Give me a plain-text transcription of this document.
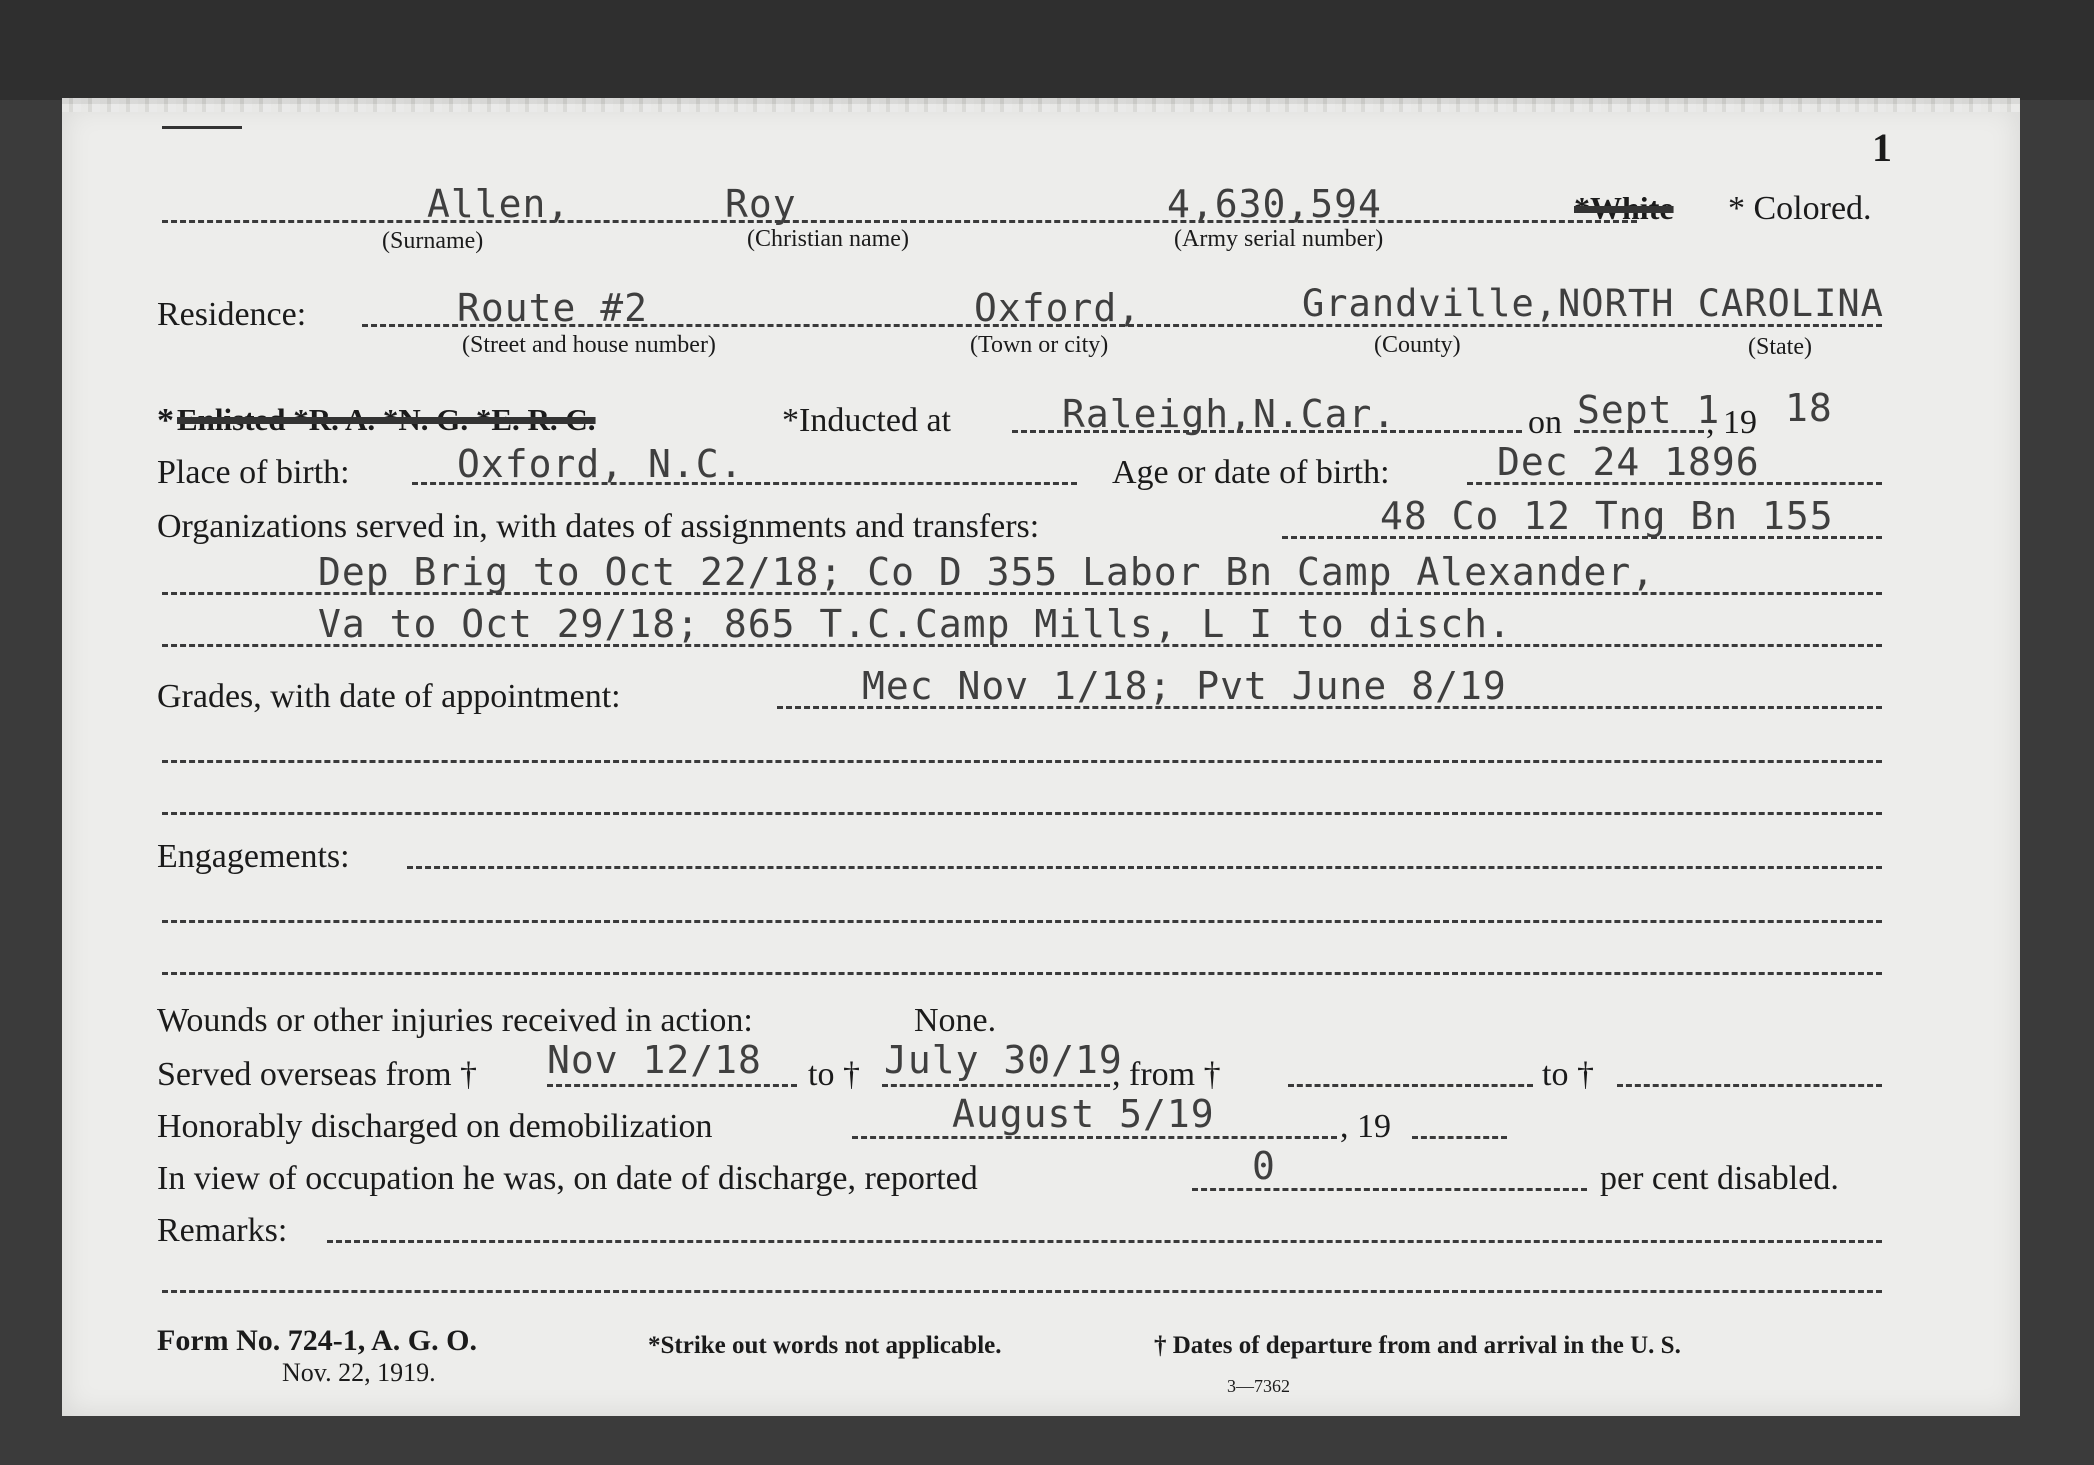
1
Allen,	Roy	4,630,594	*White * Colored.
(Surname)	(Christian name)	(Army serial number)
Residence:	Route #2	Oxford,	Grandville,NORTH CAROLINA
(Street and house number)	(Town or city)	(County)	(State)
* Enlisted *R. A. *N. G. *E. R. C.	*Inducted at	Raleigh,N.Car.	on Sept 1
, 19 18
Place of birth:	Oxford, N.C.	Age or date of birth:	Dec 24 1896
Organizations served in, with dates of assignments and transfers:	48 Co 12 Tng Bn 155
Dep Brig to Oct 22/18; Co D 355 Labor Bn Camp Alexander,
Va to Oct 29/18; 865 T.C.Camp Mills, L I to disch.
Grades, with date of appointment:	Mec Nov 1/18; Pvt June 8/19
Engagements:
Wounds or other injuries received in action:	None.
Served overseas from † Nov 12/18 to † July 30/19
, from †	to †
Honorably discharged on demobilization	August 5/19	, 19
In view of occupation he was, on date of discharge, reported	0	per cent disabled.
Remarks:
Form No. 724-1, A. G. O.
Nov. 22, 1919.
*Strike out words not applicable.	† Dates of departure from and arrival in the U. S.
3—7362
